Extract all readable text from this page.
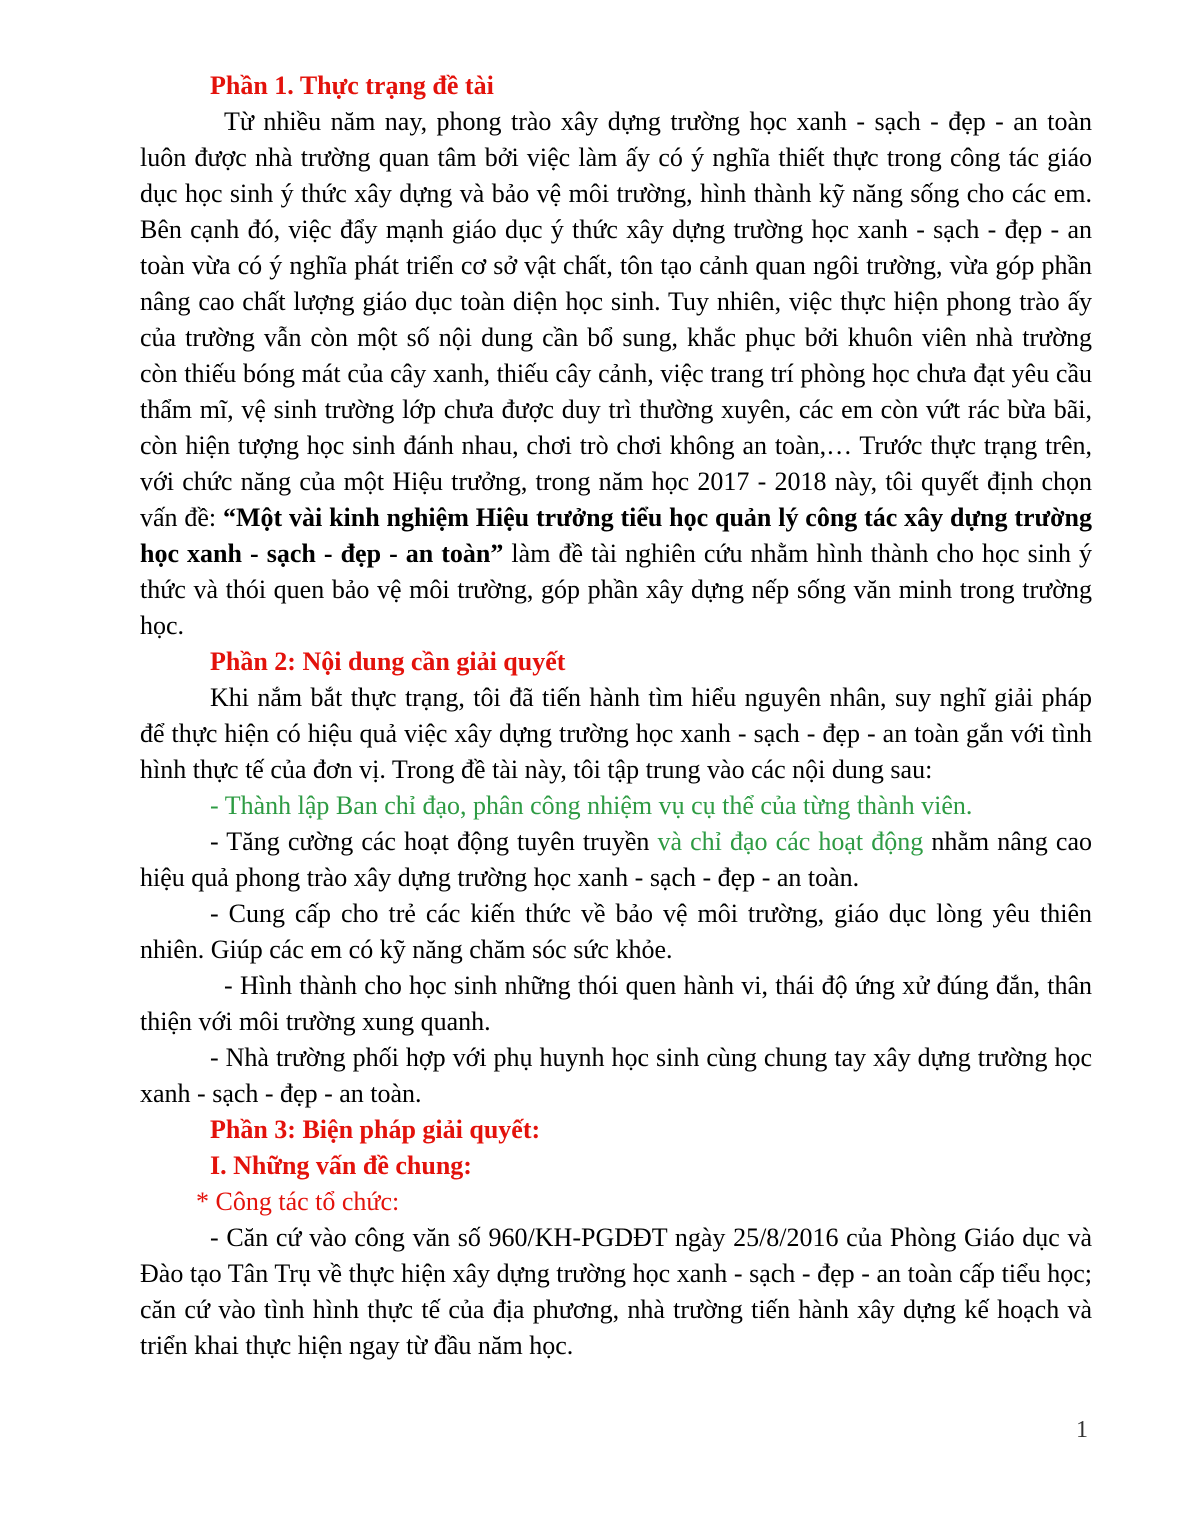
Phần 1. Thực trạng đề tài

Từ nhiều năm nay, phong trào xây dựng trường học xanh - sạch - đẹp - an toàn luôn được nhà trường quan tâm bởi việc làm ấy có ý nghĩa thiết thực trong công tác giáo dục học sinh ý thức xây dựng và bảo vệ môi trường, hình thành kỹ năng sống cho các em. Bên cạnh đó, việc đẩy mạnh giáo dục ý thức xây dựng trường học xanh - sạch - đẹp - an toàn vừa có ý nghĩa phát triển cơ sở vật chất, tôn tạo cảnh quan ngôi trường, vừa góp phần nâng cao chất lượng giáo dục toàn diện học sinh. Tuy nhiên, việc thực hiện phong trào ấy của trường vẫn còn một số nội dung cần bổ sung, khắc phục bởi khuôn viên nhà trường còn thiếu bóng mát của cây xanh, thiếu cây cảnh, việc trang trí phòng học chưa đạt yêu cầu thẩm mĩ, vệ sinh trường lớp chưa được duy trì thường xuyên, các em còn vứt rác bừa bãi, còn hiện tượng học sinh đánh nhau, chơi trò chơi không an toàn,… Trước thực trạng trên, với chức năng của một Hiệu trưởng, trong năm học 2017 - 2018 này, tôi quyết định chọn vấn đề: “Một vài kinh nghiệm Hiệu trưởng tiểu học quản lý công tác xây dựng trường học xanh - sạch - đẹp - an toàn” làm đề tài nghiên cứu nhằm hình thành cho học sinh ý thức và thói quen bảo vệ môi trường, góp phần xây dựng nếp sống văn minh trong trường học.

Phần 2: Nội dung cần giải quyết

Khi nắm bắt thực trạng, tôi đã tiến hành tìm hiểu nguyên nhân, suy nghĩ giải pháp để thực hiện có hiệu quả việc xây dựng trường học xanh - sạch - đẹp - an toàn gắn với tình hình thực tế của đơn vị. Trong đề tài này, tôi tập trung vào các nội dung sau:

- Thành lập Ban chỉ đạo, phân công nhiệm vụ cụ thể của từng thành viên.

- Tăng cường các hoạt động tuyên truyền và chỉ đạo các hoạt động nhằm nâng cao hiệu quả phong trào xây dựng trường học xanh - sạch - đẹp - an toàn.

- Cung cấp cho trẻ các kiến thức về bảo vệ môi trường, giáo dục lòng yêu thiên nhiên. Giúp các em có kỹ năng chăm sóc sức khỏe.

- Hình thành cho học sinh những thói quen hành vi, thái độ ứng xử đúng đắn, thân thiện với môi trường xung quanh.

- Nhà trường phối hợp với phụ huynh học sinh cùng chung tay xây dựng trường học xanh - sạch - đẹp - an toàn.

Phần 3: Biện pháp giải quyết:

I. Những vấn đề chung:

* Công tác tổ chức:

- Căn cứ vào công văn số 960/KH-PGDĐT ngày 25/8/2016 của Phòng Giáo dục và Đào tạo Tân Trụ về thực hiện xây dựng trường học xanh - sạch - đẹp - an toàn cấp tiểu học; căn cứ vào tình hình thực tế của địa phương, nhà trường tiến hành xây dựng kế hoạch và triển khai thực hiện ngay từ đầu năm học.

1
